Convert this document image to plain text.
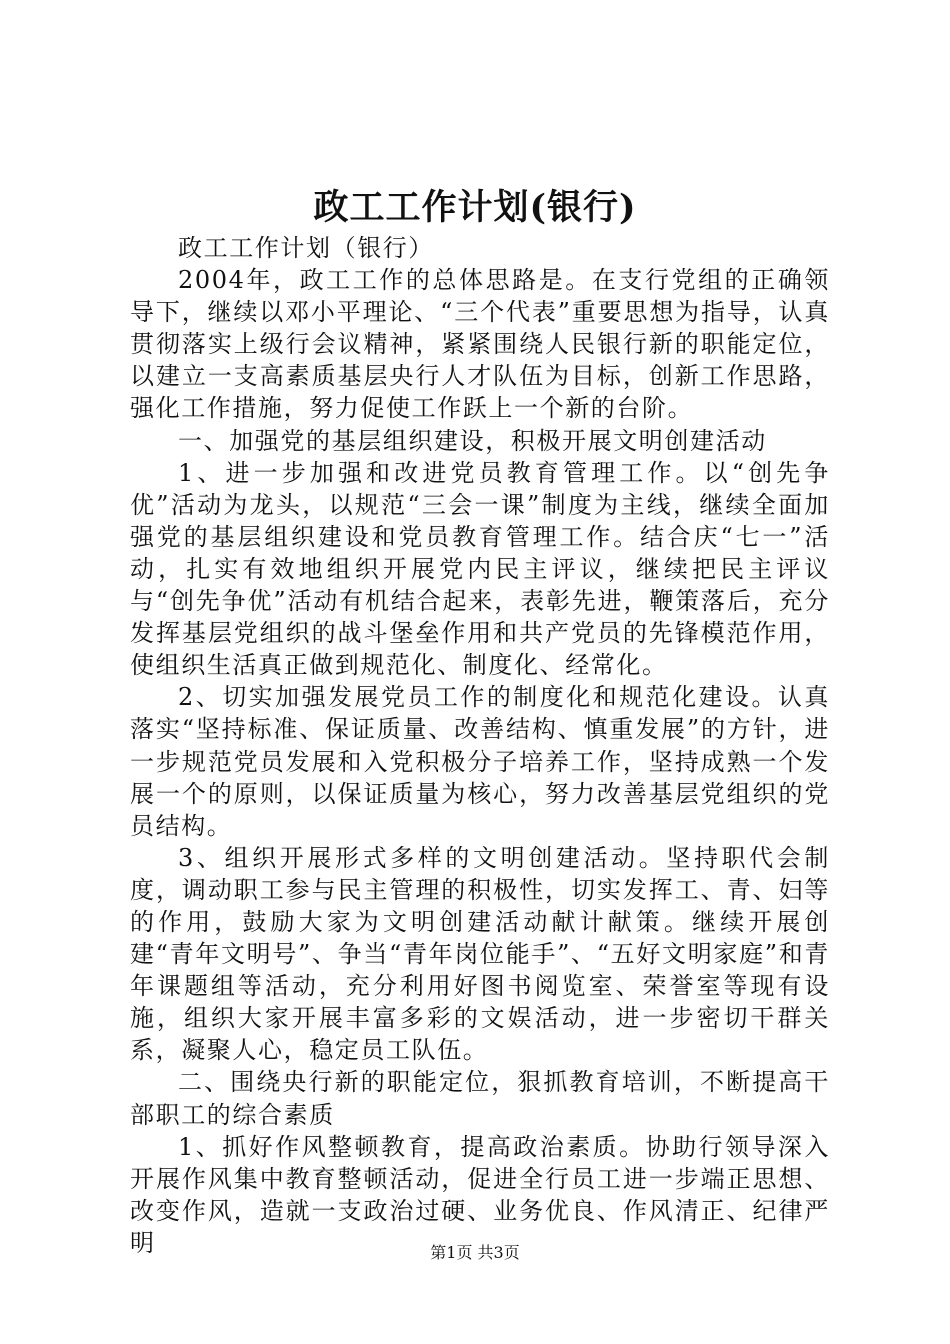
政工工作计划(银行)

政工工作计划（银行）

2004年，政工工作的总体思路是。在支行党组的正确领导下，继续以邓小平理论、“三个代表”重要思想为指导，认真贯彻落实上级行会议精神，紧紧围绕人民银行新的职能定位，以建立一支高素质基层央行人才队伍为目标，创新工作思路，强化工作措施，努力促使工作跃上一个新的台阶。

一、加强党的基层组织建设，积极开展文明创建活动

1、进一步加强和改进党员教育管理工作。以“创先争优”活动为龙头，以规范“三会一课”制度为主线，继续全面加强党的基层组织建设和党员教育管理工作。结合庆“七一”活动，扎实有效地组织开展党内民主评议，继续把民主评议与“创先争优”活动有机结合起来，表彰先进，鞭策落后，充分发挥基层党组织的战斗堡垒作用和共产党员的先锋模范作用，使组织生活真正做到规范化、制度化、经常化。

2、切实加强发展党员工作的制度化和规范化建设。认真落实“坚持标准、保证质量、改善结构、慎重发展”的方针，进一步规范党员发展和入党积极分子培养工作，坚持成熟一个发展一个的原则，以保证质量为核心，努力改善基层党组织的党员结构。

3、组织开展形式多样的文明创建活动。坚持职代会制度，调动职工参与民主管理的积极性，切实发挥工、青、妇等的作用，鼓励大家为文明创建活动献计献策。继续开展创建“青年文明号”、争当“青年岗位能手”、“五好文明家庭”和青年课题组等活动，充分利用好图书阅览室、荣誉室等现有设施，组织大家开展丰富多彩的文娱活动，进一步密切干群关系，凝聚人心，稳定员工队伍。

二、围绕央行新的职能定位，狠抓教育培训，不断提高干部职工的综合素质

1、抓好作风整顿教育，提高政治素质。协助行领导深入开展作风集中教育整顿活动，促进全行员工进一步端正思想、改变作风，造就一支政治过硬、业务优良、作风清正、纪律严明	第1页 共3页
